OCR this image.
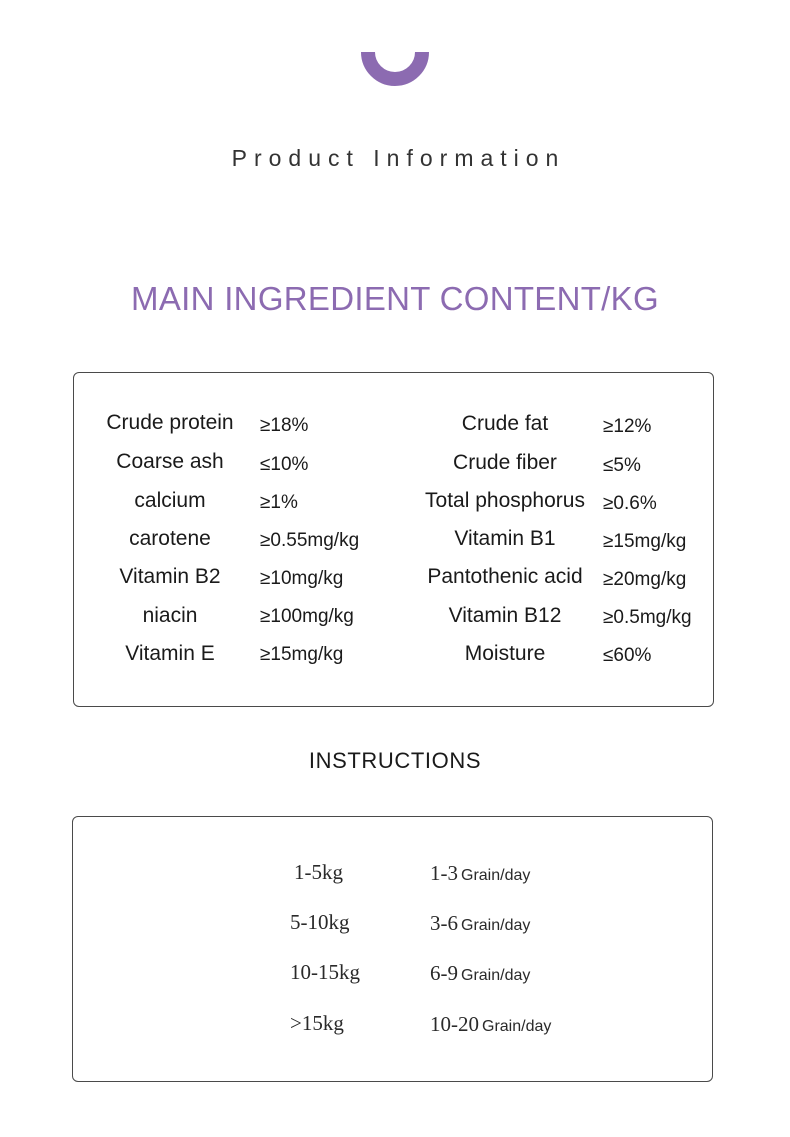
Product Information
MAIN INGREDIENT CONTENT/KG
Crude protein	≥18%
Coarse ash	≤10%
calcium	≥1%
carotene	≥0.55mg/kg
Vitamin B2	≥10mg/kg
niacin	≥100mg/kg
Vitamin E	≥15mg/kg
Crude fat	≥12%
Crude fiber	≤5%
Total phosphorus ≥0.6%
Vitamin B1	≥15mg/kg
Pantothenic acid	≥20mg/kg
Vitamin B12	≥0.5mg/kg
Moisture	≤60%
INSTRUCTIONS
1-5kg	1-3 Grain/day
5-10kg	3-6 Grain/day
10-15kg	6-9 Grain/day
>15kg	10-20 Grain/day
